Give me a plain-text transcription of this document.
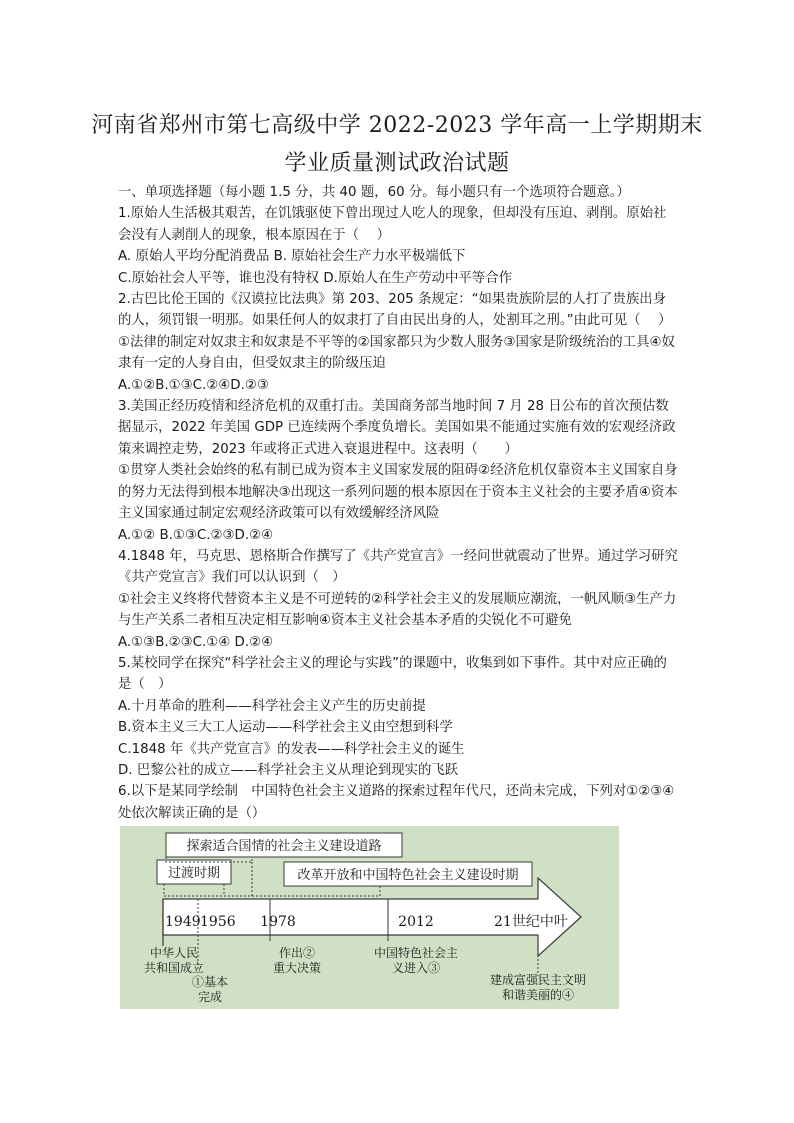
河南省郑州市第七高级中学 2022-2023 学年高一上学期期末
学业质量测试政治试题

一、单项选择题（每小题 1.5 分，共 40 题，60 分。每小题只有一个选项符合题意。）

1.原始人生活极其艰苦，在饥饿驱使下曾出现过人吃人的现象，但却没有压迫、剥削。原始社会没有人剥削人的现象，根本原因在于（　 ）

A. 原始人平均分配消费品 B. 原始社会生产力水平极端低下

C.原始社会人平等，谁也没有特权 D.原始人在生产劳动中平等合作

2.古巴比伦王国的《汉谟拉比法典》第 203、205 条规定：“如果贵族阶层的人打了贵族出身的人，须罚银一明那。如果任何人的奴隶打了自由民出身的人，处割耳之刑。”由此可见（　 ）

①法律的制定对奴隶主和奴隶是不平等的②国家都只为少数人服务③国家是阶级统治的工具④奴隶有一定的人身自由，但受奴隶主的阶级压迫

A.①②B.①③C.②④D.②③

3.美国正经历疫情和经济危机的双重打击。美国商务部当地时间 7 月 28 日公布的首次预估数据显示，2022 年美国 GDP 已连续两个季度负增长。美国如果不能通过实施有效的宏观经济政策来调控走势，2023 年或将正式进入衰退进程中。这表明（　　）

①贯穿人类社会始终的私有制已成为资本主义国家发展的阻碍②经济危机仅靠资本主义国家自身的努力无法得到根本地解决③出现这一系列问题的根本原因在于资本主义社会的主要矛盾④资本主义国家通过制定宏观经济政策可以有效缓解经济风险

A.①② B.①③C.②③D.②④

4.1848 年，马克思、恩格斯合作撰写了《共产党宣言》一经问世就震动了世界。通过学习研究《共产党宣言》我们可以认识到（　）

①社会主义终将代替资本主义是不可逆转的②科学社会主义的发展顺应潮流，一帆风顺③生产力与生产关系二者相互决定相互影响④资本主义社会基本矛盾的尖锐化不可避免

A.①③B.②③C.①④ D.②④

5.某校同学在探究“科学社会主义的理论与实践”的课题中，收集到如下事件。其中对应正确的是（　）

A.十月革命的胜利——科学社会主义产生的历史前提

B.资本主义三大工人运动——科学社会主义由空想到科学

C.1848 年《共产党宣言》的发表——科学社会主义的诞生

D. 巴黎公社的成立——科学社会主义从理论到现实的飞跃

6.以下是某同学绘制　中国特色社会主义道路的探索过程年代尺，还尚未完成，下列对①②③④处依次解读正确的是（）

探索适合国情的社会主义建设道路
过渡时期	改革开放和中国特色社会主义建设时期
1949 1956 1978	2012	21世纪中叶
中华人民
共和国成立
①基本
完成
作出②
重大决策
中国特色社会主
义进入③
建成富强民主文明
和谐美丽的④
